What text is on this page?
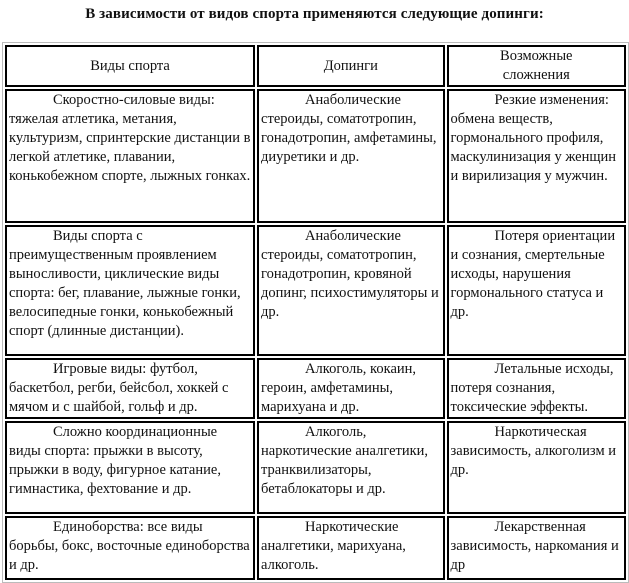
В зависимости от видов спорта применяются следующие допинги:
Виды спорта	Допинги	Возможные
сложнения

Скоростно-силовые виды: тяжелая атлетика, метания, культуризм, спринтерские дистанции в легкой атлетике, плавании, конькобежном спорте, лыжных гонках.	Анаболические стероиды, соматотропин, гонадотропин, амфетамины, диуретики и др.	Резкие изменения: обмена веществ, гормонального профиля, маскулинизация у женщин и вирилизация у мужчин.
Виды спорта с преимущественным проявлением выносливости, циклические виды спорта: бег, плавание, лыжные гонки, велосипедные гонки, конькобежный спорт (длинные дистанции).	Анаболические стероиды, соматотропин, гонадотропин, кровяной допинг, психостимуляторы и др.	Потеря ориентации и сознания, смертельные исходы, нарушения гормонального статуса и др.
Игровые виды: футбол, баскетбол, регби, бейсбол, хоккей с мячом и с шайбой, гольф и др.	Алкоголь, кокаин, героин, амфетамины, марихуана и др.	Летальные исходы, потеря сознания, токсические эффекты.
Сложно координационные виды спорта: прыжки в высоту, прыжки в воду, фигурное катание, гимнастика, фехтование и др.	Алкоголь, наркотические аналгетики, транквилизаторы, бетаблокаторы и др.	Наркотическая зависимость, алкоголизм и др.
Единоборства: все виды борьбы, бокс, восточные единоборства и др.	Наркотические аналгетики, марихуана, алкоголь.	Лекарственная зависимость, наркомания и др
